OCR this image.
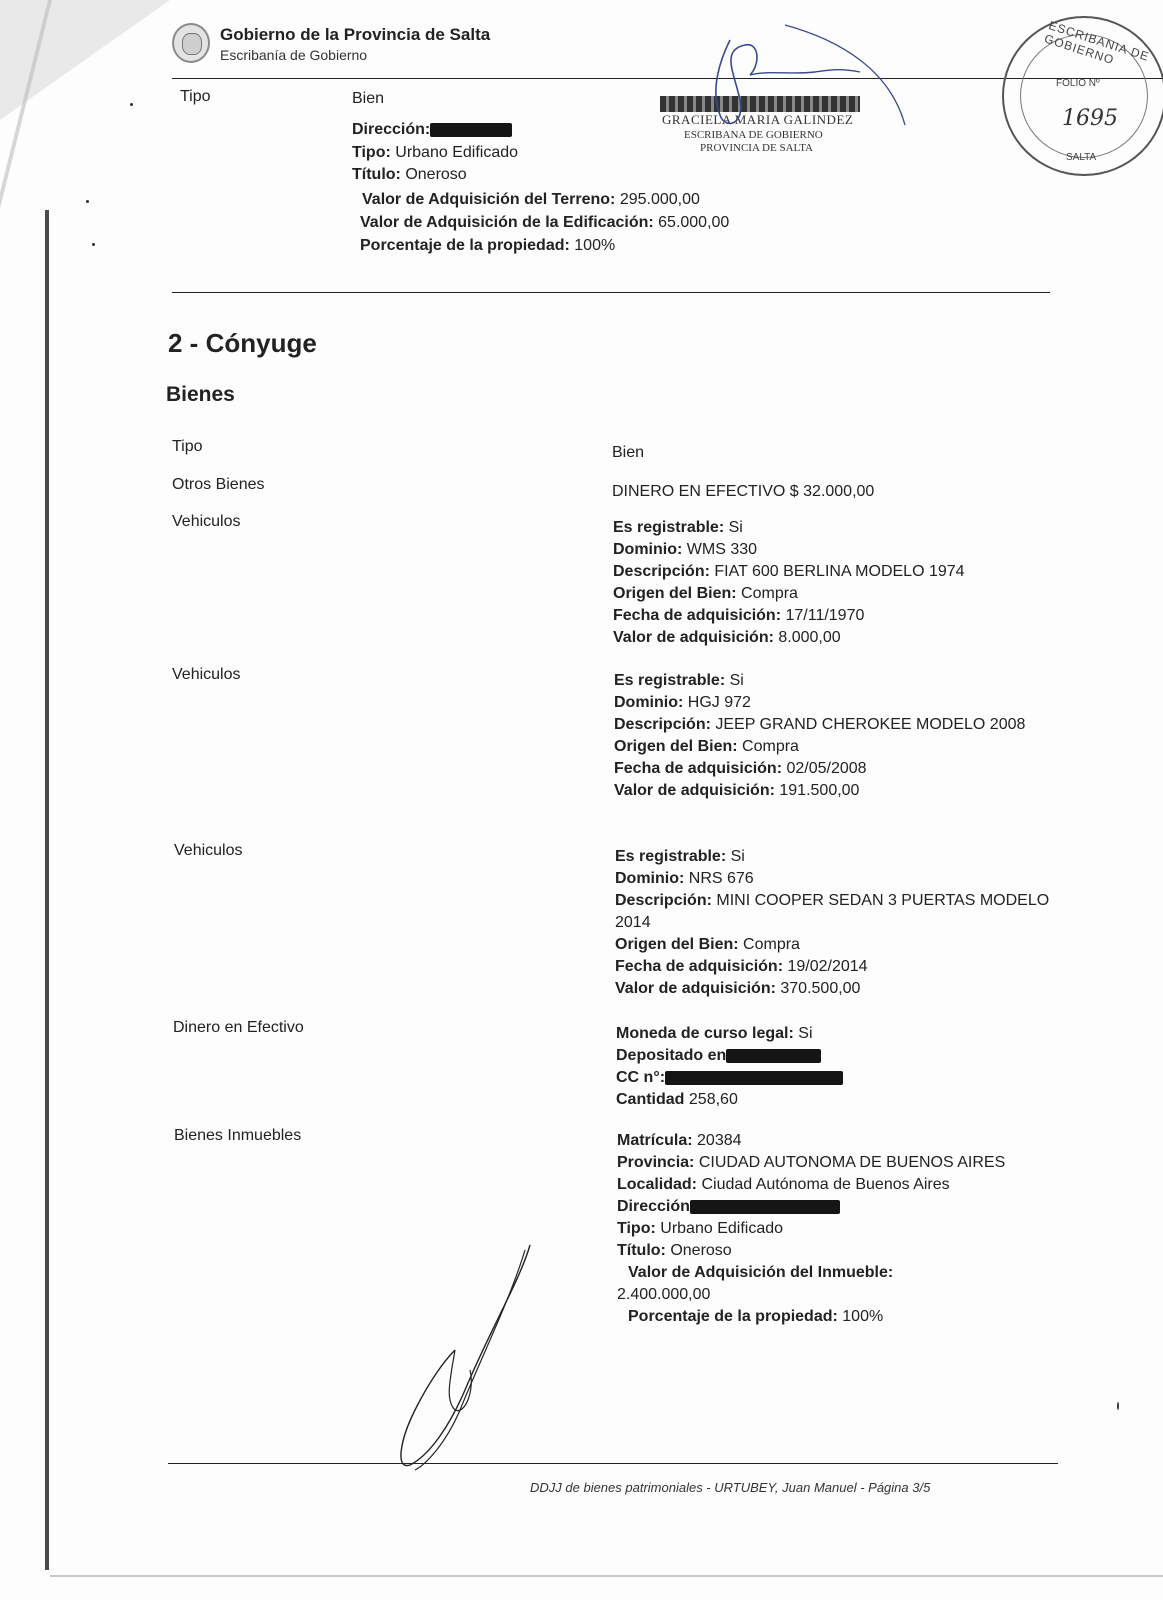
Gobierno de la Provincia de Salta
Escribanía de Gobierno
GRACIELA MARIA GALINDEZ
ESCRIBANA DE GOBIERNO
PROVINCIA DE SALTA
ESCRIBANIA DE GOBIERNO
FOLIO Nº
1695
SALTA
Tipo	Bien
Dirección:
Tipo: Urbano Edificado
Título: Oneroso
Valor de Adquisición del Terreno: 295.000,00
Valor de Adquisición de la Edificación: 65.000,00
Porcentaje de la propiedad: 100%
2 - Cónyuge
Bienes
Tipo	Bien
Otros Bienes	DINERO EN EFECTIVO $ 32.000,00
Vehiculos	Es registrable: Si
Dominio: WMS 330
Descripción: FIAT 600 BERLINA MODELO 1974
Origen del Bien: Compra
Fecha de adquisición: 17/11/1970
Valor de adquisición: 8.000,00
Vehiculos	Es registrable: Si
Dominio: HGJ 972
Descripción: JEEP GRAND CHEROKEE MODELO 2008
Origen del Bien: Compra
Fecha de adquisición: 02/05/2008
Valor de adquisición: 191.500,00
Vehiculos	Es registrable: Si
Dominio: NRS 676
Descripción: MINI COOPER SEDAN 3 PUERTAS MODELO 2014
Origen del Bien: Compra
Fecha de adquisición: 19/02/2014
Valor de adquisición: 370.500,00
Dinero en Efectivo	Moneda de curso legal: Si
Depositado en
CC n°:
Cantidad 258,60
Bienes Inmuebles	Matrícula: 20384
Provincia: CIUDAD AUTONOMA DE BUENOS AIRES
Localidad: Ciudad Autónoma de Buenos Aires
Dirección
Tipo: Urbano Edificado
Título: Oneroso
Valor de Adquisición del Inmueble:
2.400.000,00
Porcentaje de la propiedad: 100%
DDJJ de bienes patrimoniales - URTUBEY, Juan Manuel - Página 3/5
